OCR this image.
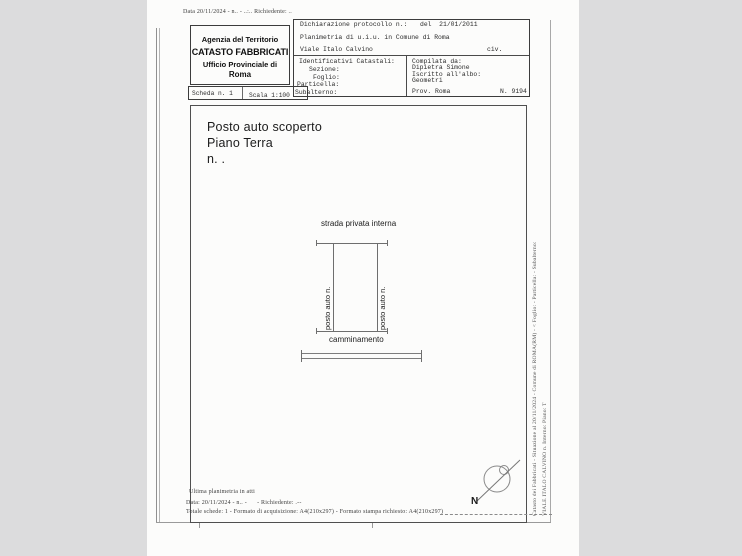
Data 20/11/2024 - n.. - ..:.. Richiedente: ..
Agenzia del Territorio
CATASTO FABBRICATI
Ufficio Provinciale di
Roma
Scheda n. 1	Scala 1:100
Dichiarazione protocollo n.: del  21/01/2011
Planimetria di u.i.u. in Comune di Roma
Viale Italo Calvino	civ.
Identificativi Catastali:
Sezione:
Foglio:
Particella:
Subalterno:
Compilata da:
Dipietra Simone
Iscritto all'albo:
Geometri
Prov. Roma	N. 9194
Posto auto scoperto
Piano Terra
n. .
strada privata interna
posto auto n.	posto auto n.
camminamento
N
Ultima planimetria in atti
Data: 20/11/2024 - n.. -      - Richiedente: .--
Totale schede: 1 - Formato di acquisizione: A4(210x297) - Formato stampa richiesto: A4(210x297)	Catasto dei Fabbricati - Situazione al 20/11/2024 - Comune di ROMA(RM) - < Foglio: - Particella: - Subalterno: VIALE ITALO CALVINO n. Interno: Piano: T
